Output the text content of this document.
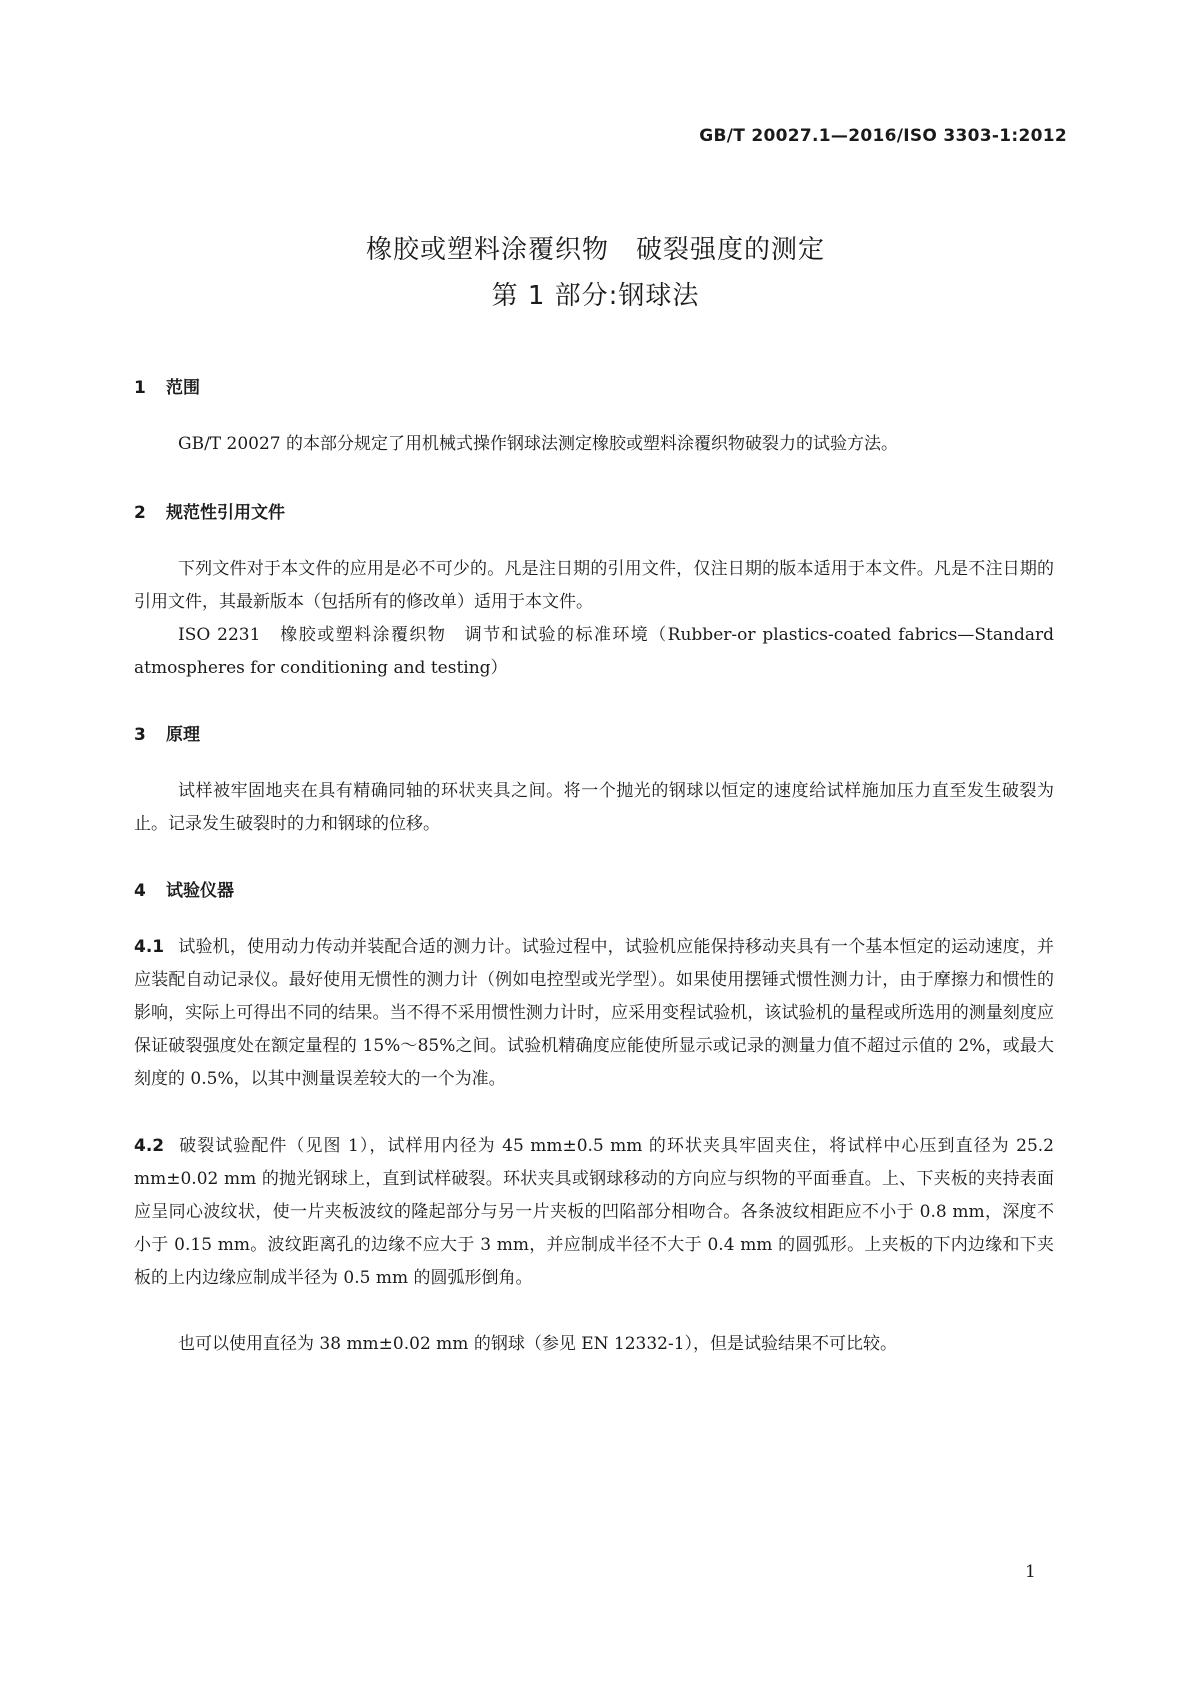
GB/T 20027.1—2016/ISO 3303-1:2012
橡胶或塑料涂覆织物　破裂强度的测定
第 1 部分:钢球法
1 范围
GB/T 20027 的本部分规定了用机械式操作钢球法测定橡胶或塑料涂覆织物破裂力的试验方法。
2 规范性引用文件
下列文件对于本文件的应用是必不可少的。凡是注日期的引用文件，仅注日期的版本适用于本文件。凡是不注日期的引用文件，其最新版本（包括所有的修改单）适用于本文件。
ISO 2231　橡胶或塑料涂覆织物　调节和试验的标准环境（Rubber-or plastics-coated fabrics—Standard atmospheres for conditioning and testing）
3 原理
试样被牢固地夹在具有精确同轴的环状夹具之间。将一个抛光的钢球以恒定的速度给试样施加压力直至发生破裂为止。记录发生破裂时的力和钢球的位移。
4 试验仪器
4.1 试验机，使用动力传动并装配合适的测力计。试验过程中，试验机应能保持移动夹具有一个基本恒定的运动速度，并应装配自动记录仪。最好使用无惯性的测力计（例如电控型或光学型）。如果使用摆锤式惯性测力计，由于摩擦力和惯性的影响，实际上可得出不同的结果。当不得不采用惯性测力计时，应采用变程试验机，该试验机的量程或所选用的测量刻度应保证破裂强度处在额定量程的 15%～85%之间。试验机精确度应能使所显示或记录的测量力值不超过示值的 2%，或最大刻度的 0.5%，以其中测量误差较大的一个为准。
4.2 破裂试验配件（见图 1），试样用内径为 45 mm±0.5 mm 的环状夹具牢固夹住，将试样中心压到直径为 25.2 mm±0.02 mm 的抛光钢球上，直到试样破裂。环状夹具或钢球移动的方向应与织物的平面垂直。上、下夹板的夹持表面应呈同心波纹状，使一片夹板波纹的隆起部分与另一片夹板的凹陷部分相吻合。各条波纹相距应不小于 0.8 mm，深度不小于 0.15 mm。波纹距离孔的边缘不应大于 3 mm，并应制成半径不大于 0.4 mm 的圆弧形。上夹板的下内边缘和下夹板的上内边缘应制成半径为 0.5 mm 的圆弧形倒角。
也可以使用直径为 38 mm±0.02 mm 的钢球（参见 EN 12332-1），但是试验结果不可比较。
1
